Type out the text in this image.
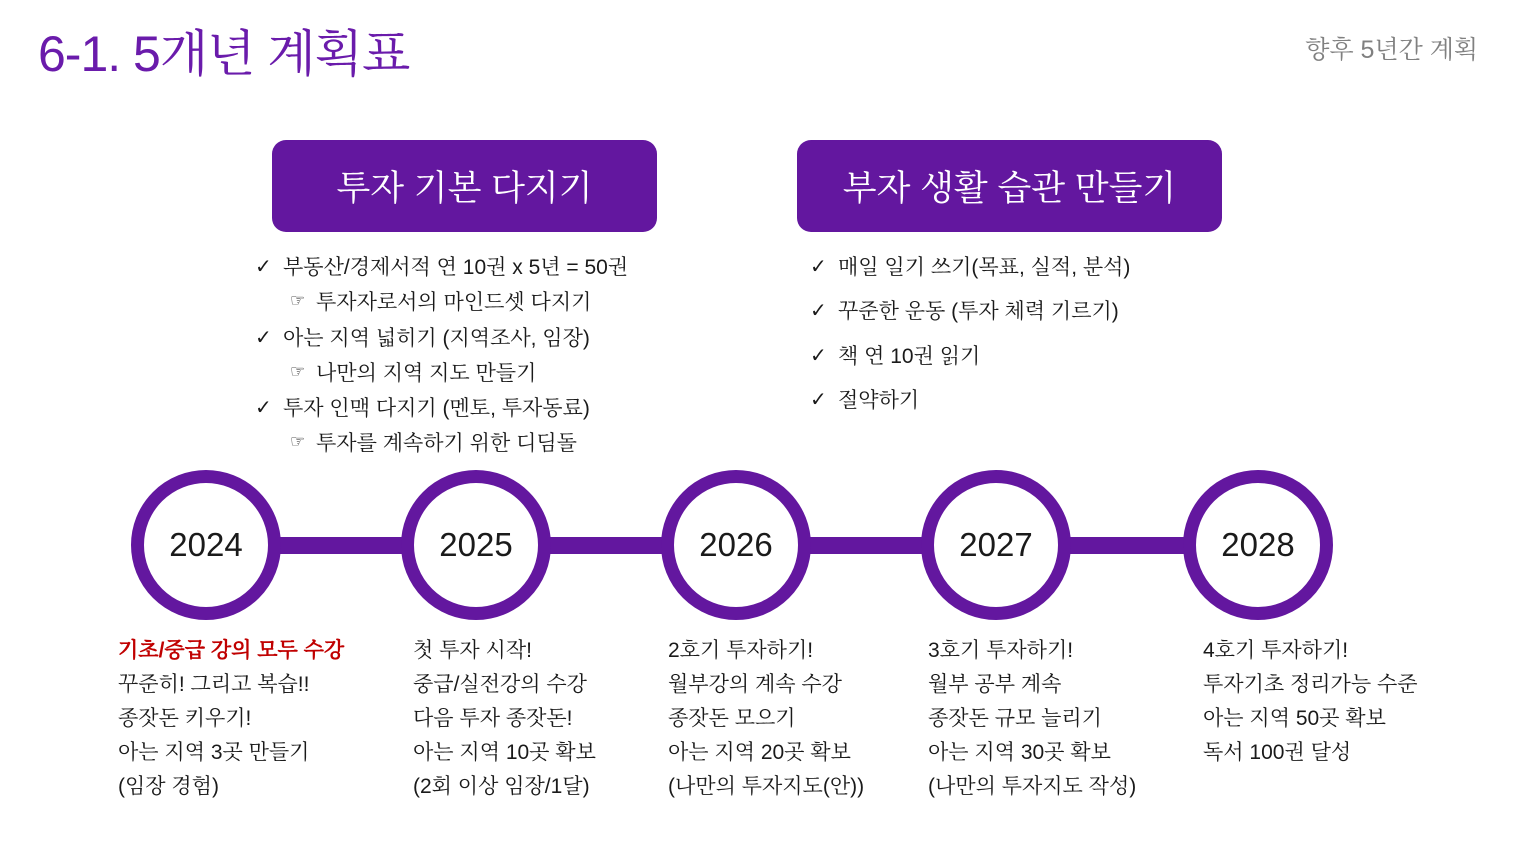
6-1. 5개년 계획표	향후 5년간 계획
투자 기본 다지기	부자 생활 습관 만들기
✓ 부동산/경제서적 연 10권 x 5년 = 50권
☞ 투자자로서의 마인드셋 다지기
✓ 아는 지역 넓히기 (지역조사, 임장)
☞ 나만의 지역 지도 만들기
✓ 투자 인맥 다지기 (멘토, 투자동료)
☞ 투자를 계속하기 위한 디딤돌
✓ 매일 일기 쓰기(목표, 실적, 분석)
✓ 꾸준한 운동 (투자 체력 기르기)
✓ 책 연 10권 읽기
✓ 절약하기
2024
기초/중급 강의 모두 수강
꾸준히! 그리고 복습!!
종잣돈 키우기!
아는 지역 3곳 만들기
(임장 경험)
2025
첫 투자 시작!
중급/실전강의 수강
다음 투자 종잣돈!
아는 지역 10곳 확보
(2회 이상 임장/1달)
2026
2호기 투자하기!
월부강의 계속 수강
종잣돈 모으기
아는 지역 20곳 확보
(나만의 투자지도(안))
2027
3호기 투자하기!
월부 공부 계속
종잣돈 규모 늘리기
아는 지역 30곳 확보
(나만의 투자지도 작성)
2028
4호기 투자하기!
투자기초 정리가능 수준
아는 지역 50곳 확보
독서 100권 달성
